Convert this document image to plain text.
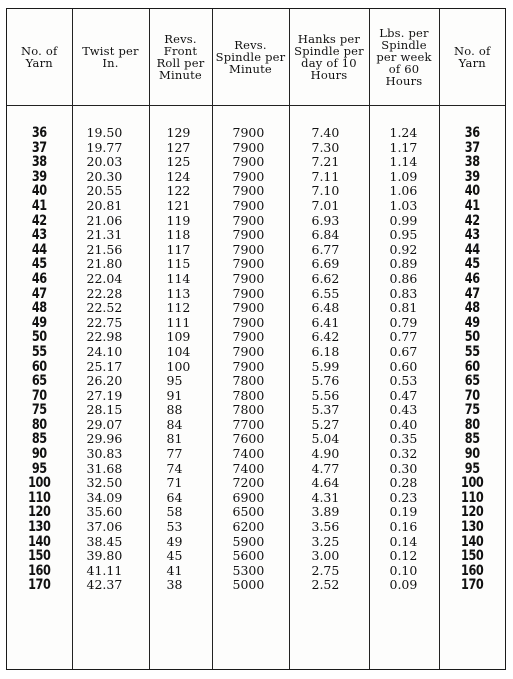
No. of Yarn	Twist per In.	Revs. Front Roll per Minute	Revs. Spindle per Minute	Hanks per Spindle per day of 10 Hours	Lbs. per Spindle per week of 60 Hours	No. of Yarn

36	19.50	129	7900	7.40	1.24	36
37	19.77	127	7900	7.30	1.17	37
38	20.03	125	7900	7.21	1.14	38
39	20.30	124	7900	7.11	1.09	39
40	20.55	122	7900	7.10	1.06	40
41	20.81	121	7900	7.01	1.03	41
42	21.06	119	7900	6.93	0.99	42
43	21.31	118	7900	6.84	0.95	43
44	21.56	117	7900	6.77	0.92	44
45	21.80	115	7900	6.69	0.89	45
46	22.04	114	7900	6.62	0.86	46
47	22.28	113	7900	6.55	0.83	47
48	22.52	112	7900	6.48	0.81	48
49	22.75	111	7900	6.41	0.79	49
50	22.98	109	7900	6.42	0.77	50
55	24.10	104	7900	6.18	0.67	55
60	25.17	100	7900	5.99	0.60	60
65	26.20	95	7800	5.76	0.53	65
70	27.19	91	7800	5.56	0.47	70
75	28.15	88	7800	5.37	0.43	75
80	29.07	84	7700	5.27	0.40	80
85	29.96	81	7600	5.04	0.35	85
90	30.83	77	7400	4.90	0.32	90
95	31.68	74	7400	4.77	0.30	95
100	32.50	71	7200	4.64	0.28	100
110	34.09	64	6900	4.31	0.23	110
120	35.60	58	6500	3.89	0.19	120
130	37.06	53	6200	3.56	0.16	130
140	38.45	49	5900	3.25	0.14	140
150	39.80	45	5600	3.00	0.12	150
160	41.11	41	5300	2.75	0.10	160
170	42.37	38	5000	2.52	0.09	170
